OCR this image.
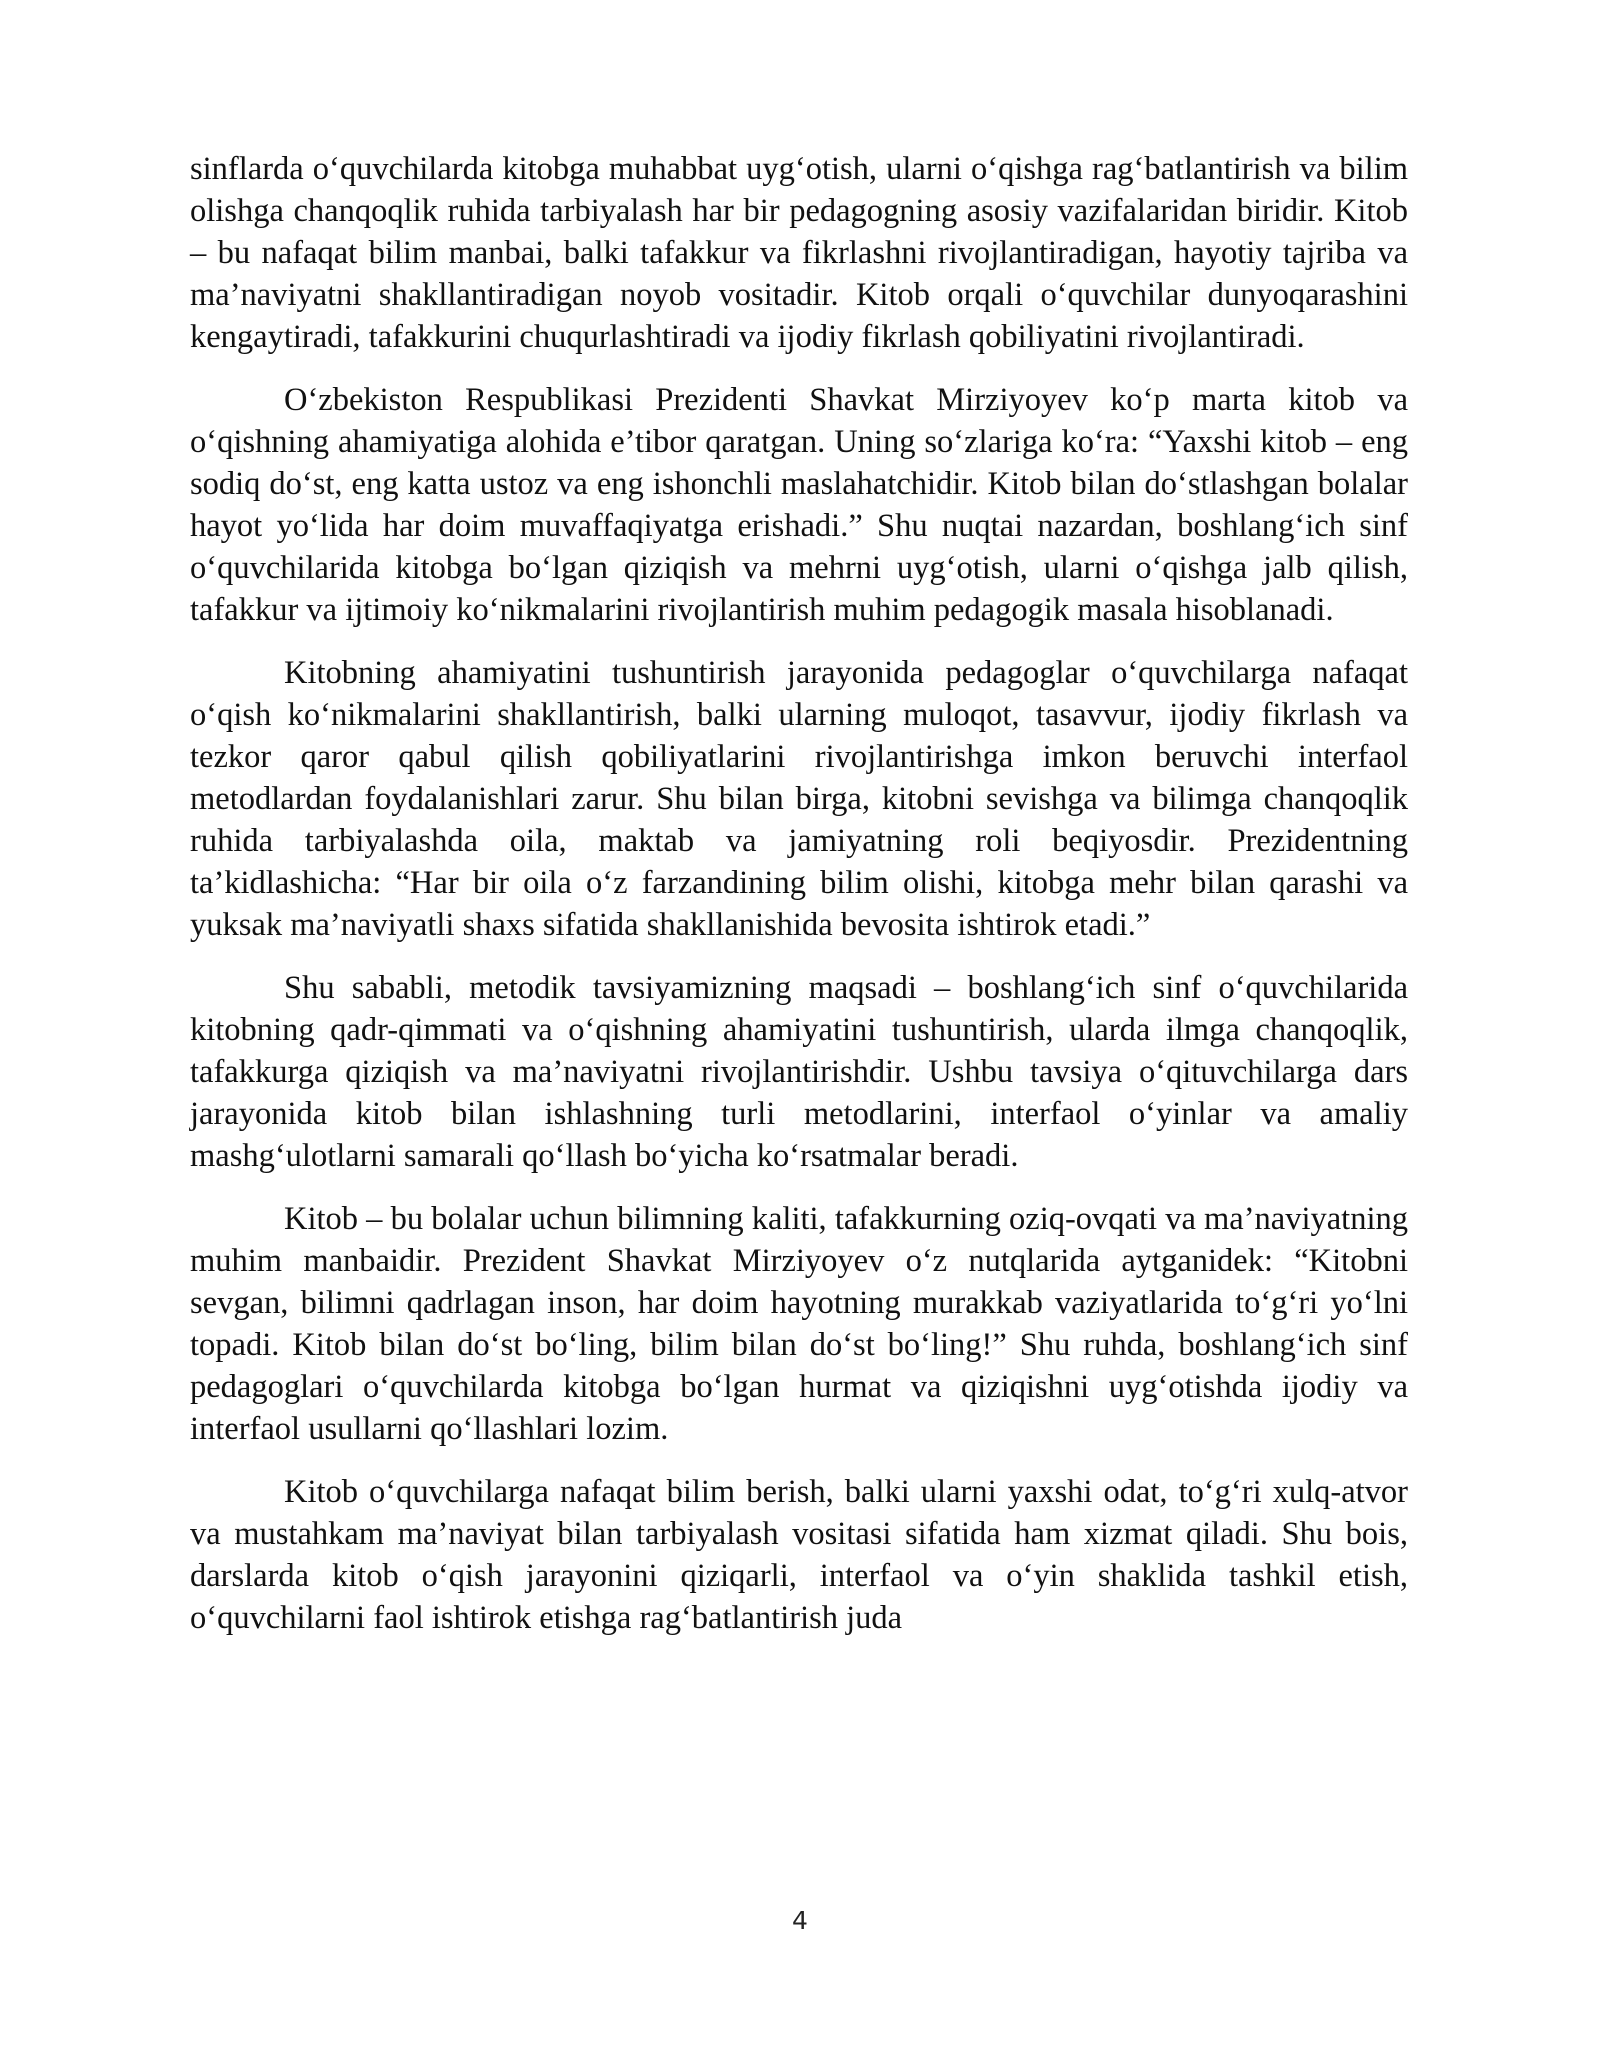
sinflarda o‘quvchilarda kitobga muhabbat uyg‘otish, ularni o‘qishga rag‘batlantirish va bilim olishga chanqoqlik ruhida tarbiyalash har bir pedagogning asosiy vazifalaridan biridir. Kitob – bu nafaqat bilim manbai, balki tafakkur va fikrlashni rivojlantiradigan, hayotiy tajriba va ma’naviyatni shakllantiradigan noyob vositadir. Kitob orqali o‘quvchilar dunyoqarashini kengaytiradi, tafakkurini chuqurlashtiradi va ijodiy fikrlash qobiliyatini rivojlantiradi.

O‘zbekiston Respublikasi Prezidenti Shavkat Mirziyoyev ko‘p marta kitob va o‘qishning ahamiyatiga alohida e’tibor qaratgan. Uning so‘zlariga ko‘ra: “Yaxshi kitob – eng sodiq do‘st, eng katta ustoz va eng ishonchli maslahatchidir. Kitob bilan do‘stlashgan bolalar hayot yo‘lida har doim muvaffaqiyatga erishadi.” Shu nuqtai nazardan, boshlang‘ich sinf o‘quvchilarida kitobga bo‘lgan qiziqish va mehrni uyg‘otish, ularni o‘qishga jalb qilish, tafakkur va ijtimoiy ko‘nikmalarini rivojlantirish muhim pedagogik masala hisoblanadi.

Kitobning ahamiyatini tushuntirish jarayonida pedagoglar o‘quvchilarga nafaqat o‘qish ko‘nikmalarini shakllantirish, balki ularning muloqot, tasavvur, ijodiy fikrlash va tezkor qaror qabul qilish qobiliyatlarini rivojlantirishga imkon beruvchi interfaol metodlardan foydalanishlari zarur. Shu bilan birga, kitobni sevishga va bilimga chanqoqlik ruhida tarbiyalashda oila, maktab va jamiyatning roli beqiyosdir. Prezidentning ta’kidlashicha: “Har bir oila o‘z farzandining bilim olishi, kitobga mehr bilan qarashi va yuksak ma’naviyatli shaxs sifatida shakllanishida bevosita ishtirok etadi.”

Shu sababli, metodik tavsiyamizning maqsadi – boshlang‘ich sinf o‘quvchilarida kitobning qadr-qimmati va o‘qishning ahamiyatini tushuntirish, ularda ilmga chanqoqlik, tafakkurga qiziqish va ma’naviyatni rivojlantirishdir. Ushbu tavsiya o‘qituvchilarga dars jarayonida kitob bilan ishlashning turli metodlarini, interfaol o‘yinlar va amaliy mashg‘ulotlarni samarali qo‘llash bo‘yicha ko‘rsatmalar beradi.

Kitob – bu bolalar uchun bilimning kaliti, tafakkurning oziq-ovqati va ma’naviyatning muhim manbaidir. Prezident Shavkat Mirziyoyev o‘z nutqlarida aytganidek: “Kitobni sevgan, bilimni qadrlagan inson, har doim hayotning murakkab vaziyatlarida to‘g‘ri yo‘lni topadi. Kitob bilan do‘st bo‘ling, bilim bilan do‘st bo‘ling!” Shu ruhda, boshlang‘ich sinf pedagoglari o‘quvchilarda kitobga bo‘lgan hurmat va qiziqishni uyg‘otishda ijodiy va interfaol usullarni qo‘llashlari lozim.

Kitob o‘quvchilarga nafaqat bilim berish, balki ularni yaxshi odat, to‘g‘ri xulq-atvor va mustahkam ma’naviyat bilan tarbiyalash vositasi sifatida ham xizmat qiladi. Shu bois, darslarda kitob o‘qish jarayonini qiziqarli, interfaol va o‘yin shaklida tashkil etish, o‘quvchilarni faol ishtirok etishga rag‘batlantirish juda

4
